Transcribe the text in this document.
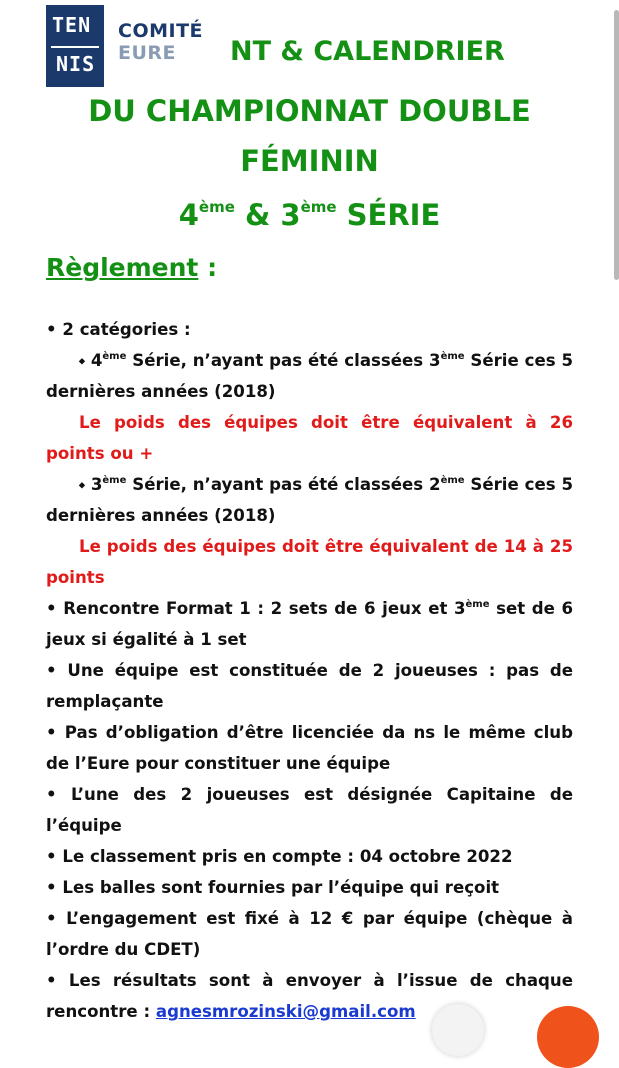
TEN
NIS
COMITÉ
EURE	NT & CALENDRIER
DU CHAMPIONNAT DOUBLE
FÉMININ
4ème & 3ème SÉRIE
Règlement :
• 2 catégories :
⬩ 4ème Série, n’ayant pas été classées 3ème Série ces 5 dernières années (2018)
Le poids des équipes doit être équivalent à 26 points ou +
⬩ 3ème Série, n’ayant pas été classées 2ème Série ces 5 dernières années (2018)
Le poids des équipes doit être équivalent de 14 à 25 points
• Rencontre Format 1 : 2 sets de 6 jeux et 3ème set de 6 jeux si égalité à 1 set
• Une équipe est constituée de 2 joueuses : pas de remplaçante
• Pas d’obligation d’être licenciée da ns le même club de l’Eure pour constituer une équipe
• L’une des 2 joueuses est désignée Capitaine de l’équipe
• Le classement pris en compte : 04 octobre 2022
• Les balles sont fournies par l’équipe qui reçoit
• L’engagement est fixé à 12 € par équipe (chèque à l’ordre du CDET)
• Les résultats sont à envoyer à l’issue de chaque rencontre : agnesmrozinski@gmail.com
